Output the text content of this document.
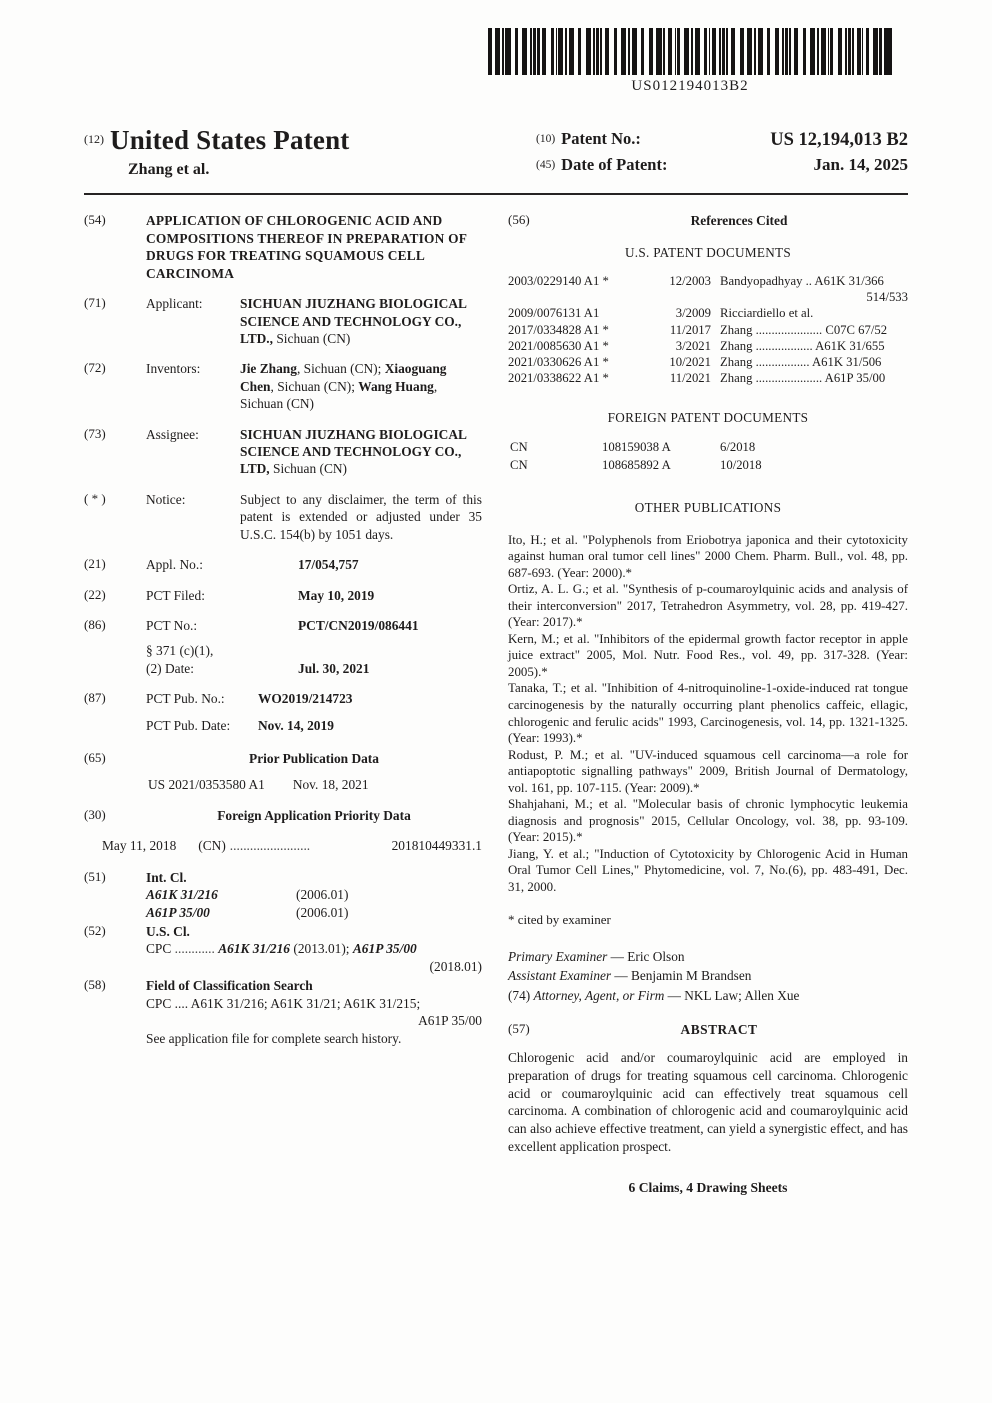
US012194013B2
(12) United States Patent
Zhang et al.
(10) Patent No.:	US 12,194,013 B2
(45) Date of Patent:	Jan. 14, 2025
(54)	APPLICATION OF CHLOROGENIC ACID AND COMPOSITIONS THEREOF IN PREPARATION OF DRUGS FOR TREATING SQUAMOUS CELL CARCINOMA
(71)	Applicant:	SICHUAN JIUZHANG BIOLOGICAL SCIENCE AND TECHNOLOGY CO., LTD., Sichuan (CN)
(72)	Inventors:	Jie Zhang, Sichuan (CN); Xiaoguang Chen, Sichuan (CN); Wang Huang, Sichuan (CN)
(73)	Assignee:	SICHUAN JIUZHANG BIOLOGICAL SCIENCE AND TECHNOLOGY CO., LTD, Sichuan (CN)
( * )	Notice:	Subject to any disclaimer, the term of this patent is extended or adjusted under 35 U.S.C. 154(b) by 1051 days.
(21)	Appl. No.:	17/054,757
(22)	PCT Filed:	May 10, 2019
(86)	PCT No.:	PCT/CN2019/086441
§ 371 (c)(1),
(2) Date:	Jul. 30, 2021
(87)	PCT Pub. No.:	WO2019/214723
PCT Pub. Date:	Nov. 14, 2019
(65)	Prior Publication Data
US 2021/0353580 A1 Nov. 18, 2021
(30)	Foreign Application Priority Data
May 11, 2018 (CN) ........................	201810449331.1
(51)	Int. Cl.
A61K 31/216	(2006.01)
A61P 35/00	(2006.01)
(52)	U.S. Cl.
CPC ............ A61K 31/216 (2013.01); A61P 35/00
(2018.01)
(58)	Field of Classification Search
CPC .... A61K 31/216; A61K 31/21; A61K 31/215;
A61P 35/00
See application file for complete search history.
(56)	References Cited
U.S. PATENT DOCUMENTS
2003/0229140 A1 *	12/2003 Bandyopadhyay .. A61K 31/366
514/533
2009/0076131 A1	3/2009 Ricciardiello et al.
2017/0334828 A1 *	11/2017 Zhang ..................... C07C 67/52
2021/0085630 A1 *	3/2021 Zhang .................. A61K 31/655
2021/0330626 A1 *	10/2021 Zhang ................. A61K 31/506
2021/0338622 A1 *	11/2021 Zhang ..................... A61P 35/00
FOREIGN PATENT DOCUMENTS
CN	108159038 A	6/2018
CN	108685892 A	10/2018
OTHER PUBLICATIONS

Ito, H.; et al. "Polyphenols from Eriobotrya japonica and their cytotoxicity against human oral tumor cell lines" 2000 Chem. Pharm. Bull., vol. 48, pp. 687-693. (Year: 2000).*

Ortiz, A. L. G.; et al. "Synthesis of p-coumaroylquinic acids and analysis of their interconversion" 2017, Tetrahedron Asymmetry, vol. 28, pp. 419-427. (Year: 2017).*

Kern, M.; et al. "Inhibitors of the epidermal growth factor receptor in apple juice extract" 2005, Mol. Nutr. Food Res., vol. 49, pp. 317-328. (Year: 2005).*

Tanaka, T.; et al. "Inhibition of 4-nitroquinoline-1-oxide-induced rat tongue carcinogenesis by the naturally occurring plant phenolics caffeic, ellagic, chlorogenic and ferulic acids" 1993, Carcinogenesis, vol. 14, pp. 1321-1325. (Year: 1993).*

Rodust, P. M.; et al. "UV-induced squamous cell carcinoma—a role for antiapoptotic signalling pathways" 2009, British Journal of Dermatology, vol. 161, pp. 107-115. (Year: 2009).*

Shahjahani, M.; et al. "Molecular basis of chronic lymphocytic leukemia diagnosis and prognosis" 2015, Cellular Oncology, vol. 38, pp. 93-109. (Year: 2015).*

Jiang, Y. et al.; "Induction of Cytotoxicity by Chlorogenic Acid in Human Oral Tumor Cell Lines," Phytomedicine, vol. 7, No.(6), pp. 483-491, Dec. 31, 2000.

* cited by examiner
Primary Examiner — Eric Olson
Assistant Examiner — Benjamin M Brandsen
(74) Attorney, Agent, or Firm — NKL Law; Allen Xue
(57)	ABSTRACT
Chlorogenic acid and/or coumaroylquinic acid are employed in preparation of drugs for treating squamous cell carcinoma. Chlorogenic acid or coumaroylquinic acid can effectively treat squamous cell carcinoma. A combination of chlorogenic acid and coumaroylquinic acid can also achieve effective treatment, can yield a synergistic effect, and has excellent application prospect.
6 Claims, 4 Drawing Sheets
